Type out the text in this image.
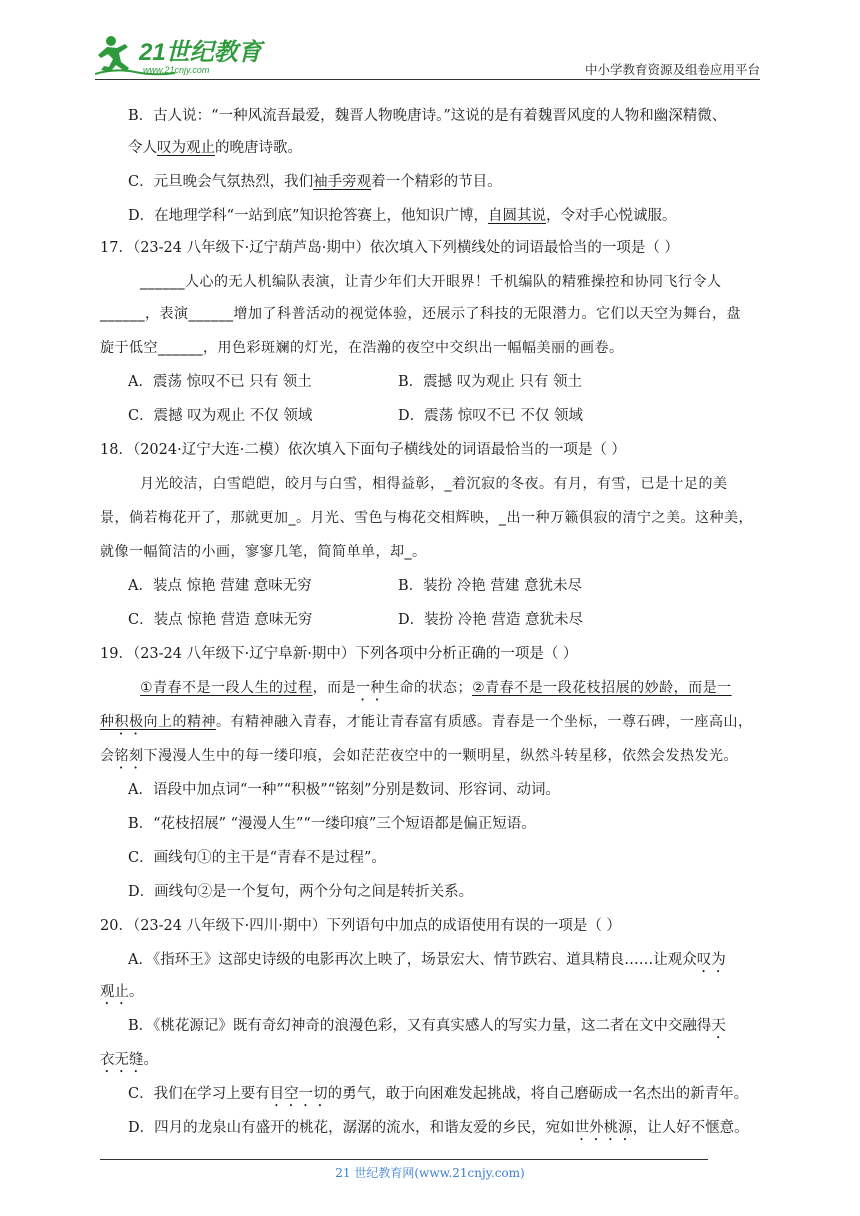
21世纪教育
www.21cnjy.com	中小学教育资源及组卷应用平台
B．古人说：“一种风流吾最爱，魏晋人物晚唐诗。”这说的是有着魏晋风度的人物和幽深精微、
令人叹为观止的晚唐诗歌。
C．元旦晚会气氛热烈，我们袖手旁观着一个精彩的节目。
D．在地理学科“一站到底”知识抢答赛上，他知识广博，自圆其说，令对手心悦诚服。
17．（23-24 八年级下·辽宁葫芦岛·期中）依次填入下列横线处的词语最恰当的一项是（ ）
______人心的无人机编队表演，让青少年们大开眼界！千机编队的精雅操控和协同飞行令人
______，表演______增加了科普活动的视觉体验，还展示了科技的无限潜力。它们以天空为舞台，盘
旋于低空______，用色彩斑斓的灯光，在浩瀚的夜空中交织出一幅幅美丽的画卷。
A．震荡 惊叹不已 只有 领土	B．震撼 叹为观止 只有 领土
C．震撼 叹为观止 不仅 领域	D．震荡 惊叹不已 不仅 领域
18．（2024·辽宁大连·二模）依次填入下面句子横线处的词语最恰当的一项是（ ）
月光皎洁，白雪皑皑，皎月与白雪，相得益彰，_着沉寂的冬夜。有月，有雪，已是十足的美
景，倘若梅花开了，那就更加_。月光、雪色与梅花交相辉映，_出一种万籁俱寂的清宁之美。这种美，
就像一幅简洁的小画，寥寥几笔，简简单单，却_。
A．装点 惊艳 营建 意味无穷	B．装扮 冷艳 营建 意犹未尽
C．装点 惊艳 营造 意味无穷	D．装扮 冷艳 营造 意犹未尽
19．（23-24 八年级下·辽宁阜新·期中）下列各项中分析正确的一项是（ ）
①青春不是一段人生的过程，而是一种生命的状态；②青春不是一段花枝招展的妙龄，而是一
种积极向上的精神。有精神融入青春，才能让青春富有质感。青春是一个坐标，一尊石碑，一座高山，
会铭刻下漫漫人生中的每一缕印痕，会如茫茫夜空中的一颗明星，纵然斗转星移，依然会发热发光。
A．语段中加点词“一种”“积极”“铭刻”分别是数词、形容词、动词。
B．“花枝招展” “漫漫人生”“一缕印痕”三个短语都是偏正短语。
C．画线句①的主干是“青春不是过程”。
D．画线句②是一个复句，两个分句之间是转折关系。
20．（23-24 八年级下·四川·期中）下列语句中加点的成语使用有误的一项是（ ）
A．《指环王》这部史诗级的电影再次上映了，场景宏大、情节跌宕、道具精良……让观众叹为
观止。
B．《桃花源记》既有奇幻神奇的浪漫色彩，又有真实感人的写实力量，这二者在文中交融得天
衣无缝。
C．我们在学习上要有目空一切的勇气，敢于向困难发起挑战，将自己磨砺成一名杰出的新青年。
D．四月的龙泉山有盛开的桃花，潺潺的流水，和谐友爱的乡民，宛如世外桃源，让人好不惬意。
21 世纪教育网(www.21cnjy.com)
